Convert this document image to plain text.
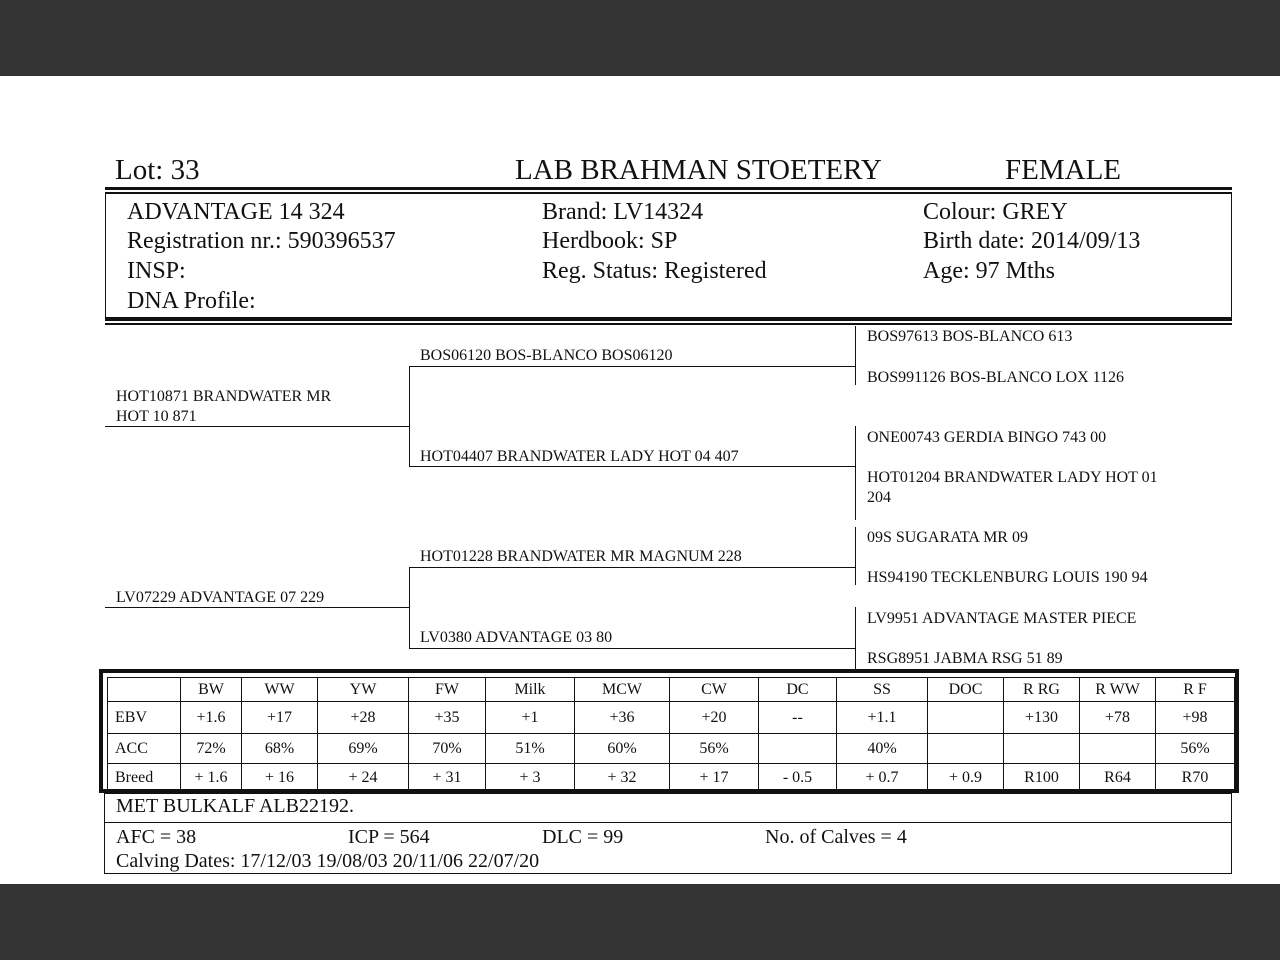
Lot: 33	LAB BRAHMAN STOETERY	FEMALE
ADVANTAGE 14 324
Registration nr.: 590396537
INSP:
DNA Profile:
Brand: LV14324
Herdbook: SP
Reg. Status: Registered
Colour: GREY
Birth date: 2014/09/13
Age: 97 Mths
HOT10871 BRANDWATER MR
HOT 10 871
LV07229 ADVANTAGE 07 229
BOS06120 BOS-BLANCO BOS06120
HOT04407 BRANDWATER LADY HOT 04 407
HOT01228 BRANDWATER MR MAGNUM 228
LV0380 ADVANTAGE 03 80
BOS97613 BOS-BLANCO 613
BOS991126 BOS-BLANCO LOX 1126
ONE00743 GERDIA BINGO 743 00
HOT01204 BRANDWATER LADY HOT 01
204
09S SUGARATA MR 09
HS94190 TECKLENBURG LOUIS 190 94
LV9951 ADVANTAGE MASTER PIECE
RSG8951 JABMA RSG 51 89
	BW	WW	YW	FW	Milk	MCW	CW	DC	SS	DOC	R RG	R WW	R F
EBV	+1.6	+17	+28	+35	+1	+36	+20	--	+1.1		+130	+78	+98
ACC	72%	68%	69%	70%	51%	60%	56%		40%				56%
Breed	+ 1.6	+ 16	+ 24	+ 31	+ 3	+ 32	+ 17	- 0.5	+ 0.7	+ 0.9	R100	R64	R70
MET BULKALF ALB22192.
AFC = 38	ICP = 564	DLC = 99	No. of Calves = 4
Calving Dates: 17/12/03 19/08/03 20/11/06 22/07/20
